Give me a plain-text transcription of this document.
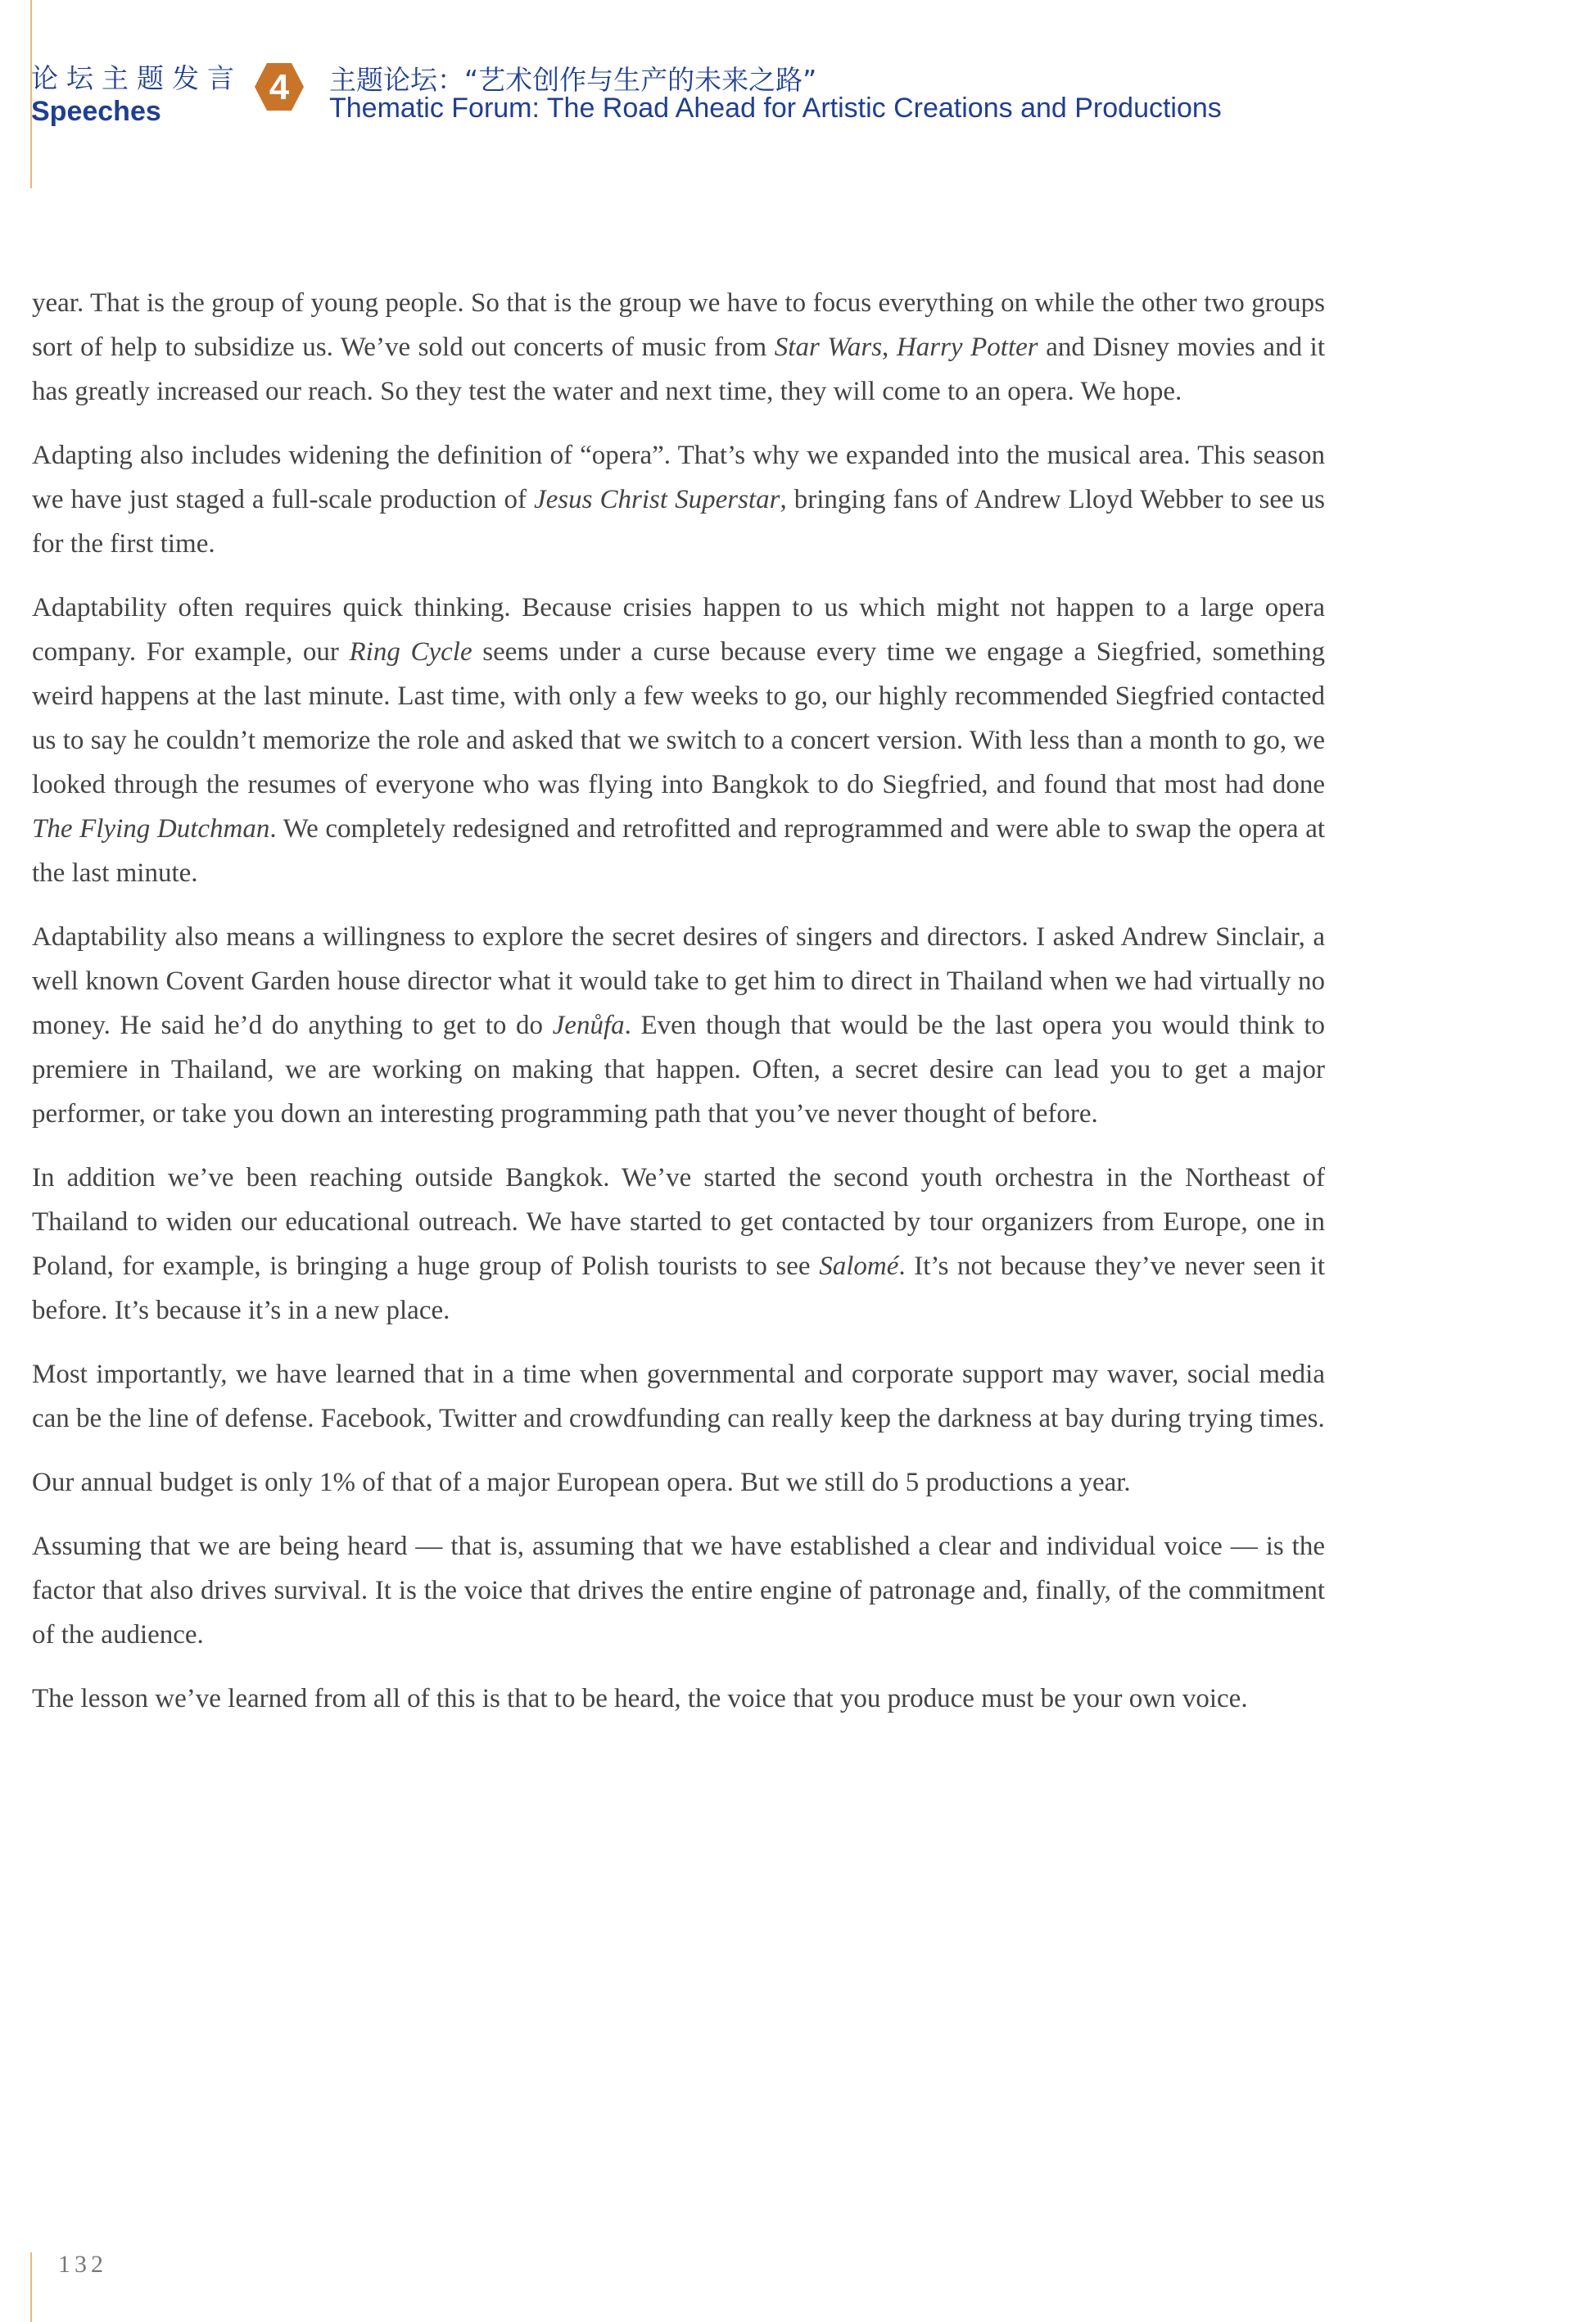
论坛主题发言
Speeches
4 主题论坛：“艺术创作与生产的未来之路”
Thematic Forum: The Road Ahead for Artistic Creations and Productions

year. That is the group of young people. So that is the group we have to focus everything on while the other two groups sort of help to subsidize us. We’ve sold out concerts of music from Star Wars, Harry Potter and Disney movies and it has greatly increased our reach. So they test the water and next time, they will come to an opera. We hope.

Adapting also includes widening the definition of “opera”. That’s why we expanded into the musical area. This season we have just staged a full-scale production of Jesus Christ Superstar, bringing fans of Andrew Lloyd Webber to see us for the first time.

Adaptability often requires quick thinking. Because crisies happen to us which might not happen to a large opera company. For example, our Ring Cycle seems under a curse because every time we engage a Siegfried, something weird happens at the last minute. Last time, with only a few weeks to go, our highly recommended Siegfried contacted us to say he couldn’t memorize the role and asked that we switch to a concert version. With less than a month to go, we looked through the resumes of everyone who was flying into Bangkok to do Siegfried, and found that most had done The Flying Dutchman. We completely redesigned and retrofitted and reprogrammed and were able to swap the opera at the last minute.

Adaptability also means a willingness to explore the secret desires of singers and directors. I asked Andrew Sinclair, a well known Covent Garden house director what it would take to get him to direct in Thailand when we had virtually no money. He said he’d do anything to get to do Jenůfa. Even though that would be the last opera you would think to premiere in Thailand, we are working on making that happen. Often, a secret desire can lead you to get a major performer, or take you down an interesting programming path that you’ve never thought of before.

In addition we’ve been reaching outside Bangkok. We’ve started the second youth orchestra in the Northeast of Thailand to widen our educational outreach. We have started to get contacted by tour organizers from Europe, one in Poland, for example, is bringing a huge group of Polish tourists to see Salomé. It’s not because they’ve never seen it before. It’s because it’s in a new place.

Most importantly, we have learned that in a time when governmental and corporate support may waver, social media can be the line of defense. Facebook, Twitter and crowdfunding can really keep the darkness at bay during trying times.

Our annual budget is only 1% of that of a major European opera. But we still do 5 productions a year.

Assuming that we are being heard — that is, assuming that we have established a clear and individual voice — is the factor that also drives survival. It is the voice that drives the entire engine of patronage and, finally, of the commitment of the audience.

The lesson we’ve learned from all of this is that to be heard, the voice that you produce must be your own voice.

132
